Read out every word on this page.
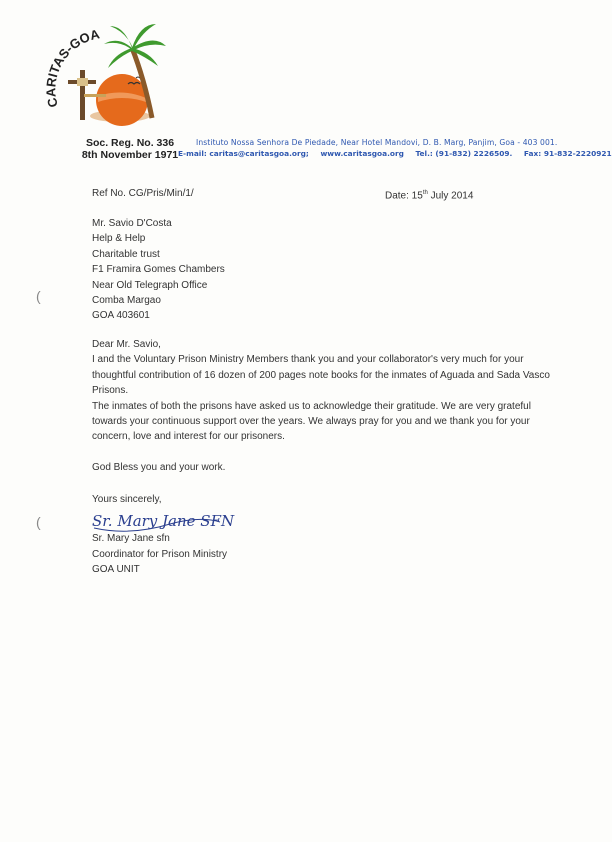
CARITAS-GOA
Soc. Reg. No. 336
8th November 1971
Instituto Nossa Senhora De Piedade, Near Hotel Mandovi, D. B. Marg, Panjim, Goa - 403 001.
E-mail: caritas@caritasgoa.org; www.caritasgoa.org Tel.: (91-832) 2226509. Fax: 91-832-2220921
Ref No. CG/Pris/Min/1/	Date: 15th July 2014
Mr. Savio D'Costa
Help & Help
Charitable trust
F1 Framira Gomes Chambers
Near Old Telegraph Office
Comba Margao
GOA 403601

Dear Mr. Savio,

I and the Voluntary Prison Ministry Members thank you and your collaborator's very much for your thoughtful contribution of 16 dozen of 200 pages note books for the inmates of Aguada and Sada Vasco Prisons.

The inmates of both the prisons have asked us to acknowledge their gratitude. We are very grateful towards your continuous support over the years. We always pray for you and we thank you for your concern, love and interest for our prisoners.

God Bless you and your work.

Yours sincerely,
Sr. Mary Jane sfn
Coordinator for Prison Ministry
GOA UNIT
Sr. Mary Jane SFN
(
(
